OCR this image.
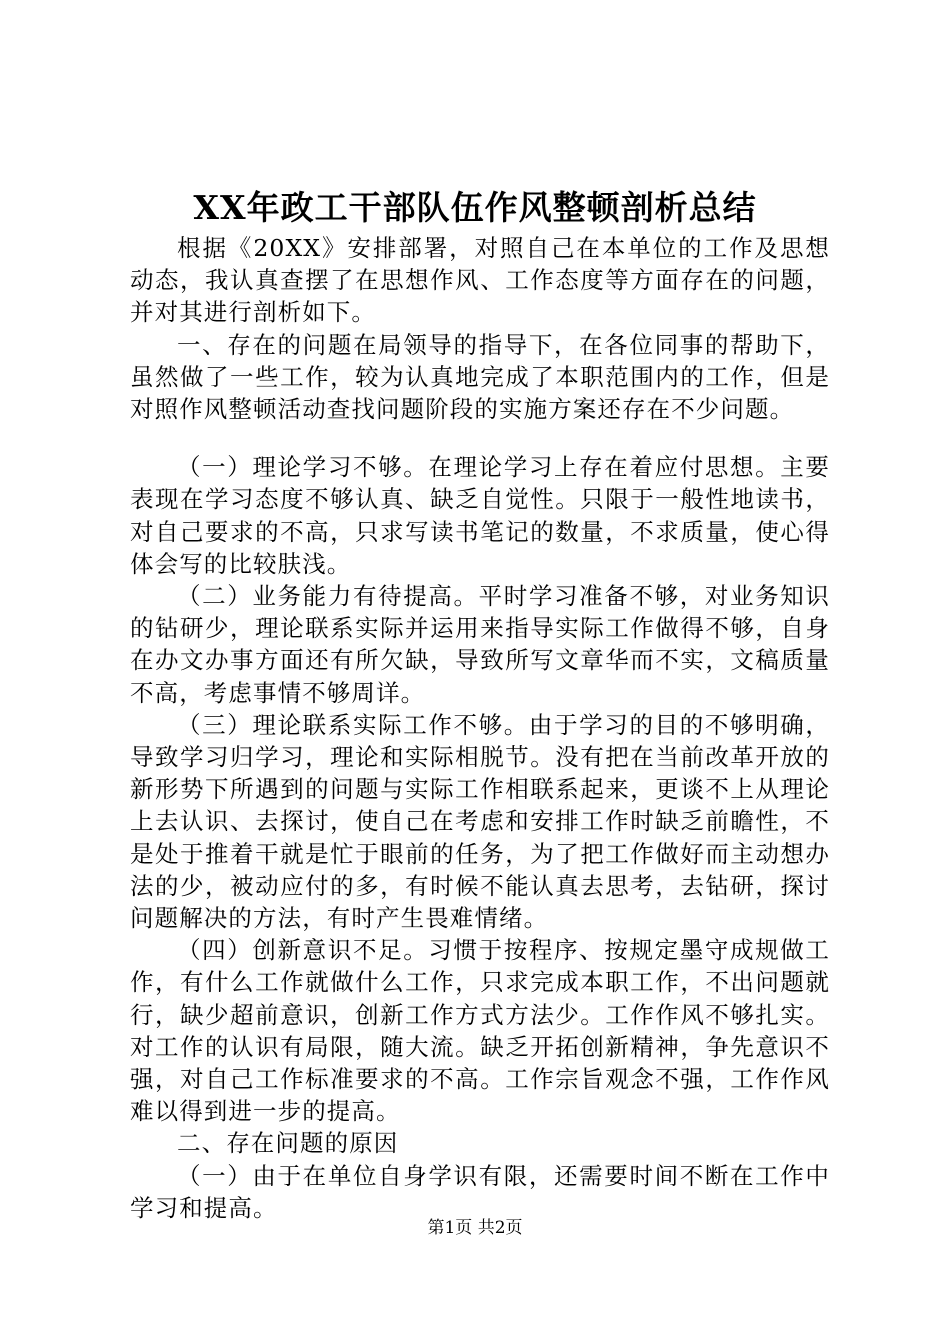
XX年政工干部队伍作风整顿剖析总结

根据《20XX》安排部署，对照自己在本单位的工作及思想动态，我认真查摆了在思想作风、工作态度等方面存在的问题，并对其进行剖析如下。

一、存在的问题在局领导的指导下，在各位同事的帮助下，虽然做了一些工作，较为认真地完成了本职范围内的工作，但是对照作风整顿活动查找问题阶段的实施方案还存在不少问题。

（一）理论学习不够。在理论学习上存在着应付思想。主要表现在学习态度不够认真、缺乏自觉性。只限于一般性地读书，对自己要求的不高，只求写读书笔记的数量，不求质量，使心得体会写的比较肤浅。

（二）业务能力有待提高。平时学习准备不够，对业务知识的钻研少，理论联系实际并运用来指导实际工作做得不够，自身在办文办事方面还有所欠缺，导致所写文章华而不实，文稿质量不高，考虑事情不够周详。

（三）理论联系实际工作不够。由于学习的目的不够明确，导致学习归学习，理论和实际相脱节。没有把在当前改革开放的新形势下所遇到的问题与实际工作相联系起来，更谈不上从理论上去认识、去探讨，使自己在考虑和安排工作时缺乏前瞻性，不是处于推着干就是忙于眼前的任务，为了把工作做好而主动想办法的少，被动应付的多，有时候不能认真去思考，去钻研，探讨问题解决的方法，有时产生畏难情绪。

（四）创新意识不足。习惯于按程序、按规定墨守成规做工作，有什么工作就做什么工作，只求完成本职工作，不出问题就行，缺少超前意识，创新工作方式方法少。工作作风不够扎实。对工作的认识有局限，随大流。缺乏开拓创新精神，争先意识不强，对自己工作标准要求的不高。工作宗旨观念不强，工作作风难以得到进一步的提高。

二、存在问题的原因

（一）由于在单位自身学识有限，还需要时间不断在工作中学习和提高。

第1页 共2页
